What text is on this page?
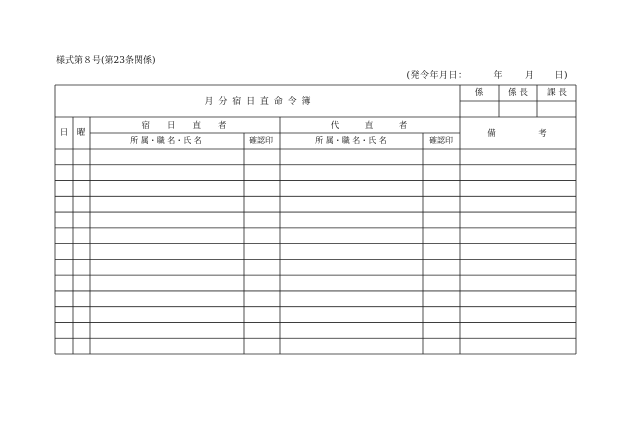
様式第８号(第23条関係)
(発令年月日：	年 月 日)
月 分 宿 日 直 命 令 簿
係	係 長 課 長
日 曜
宿　　日　　直　　者	代　　　直　　　者
備　　　　　考
所 属・職 名・氏 名	確認印	所 属・職 名・氏 名	確認印
